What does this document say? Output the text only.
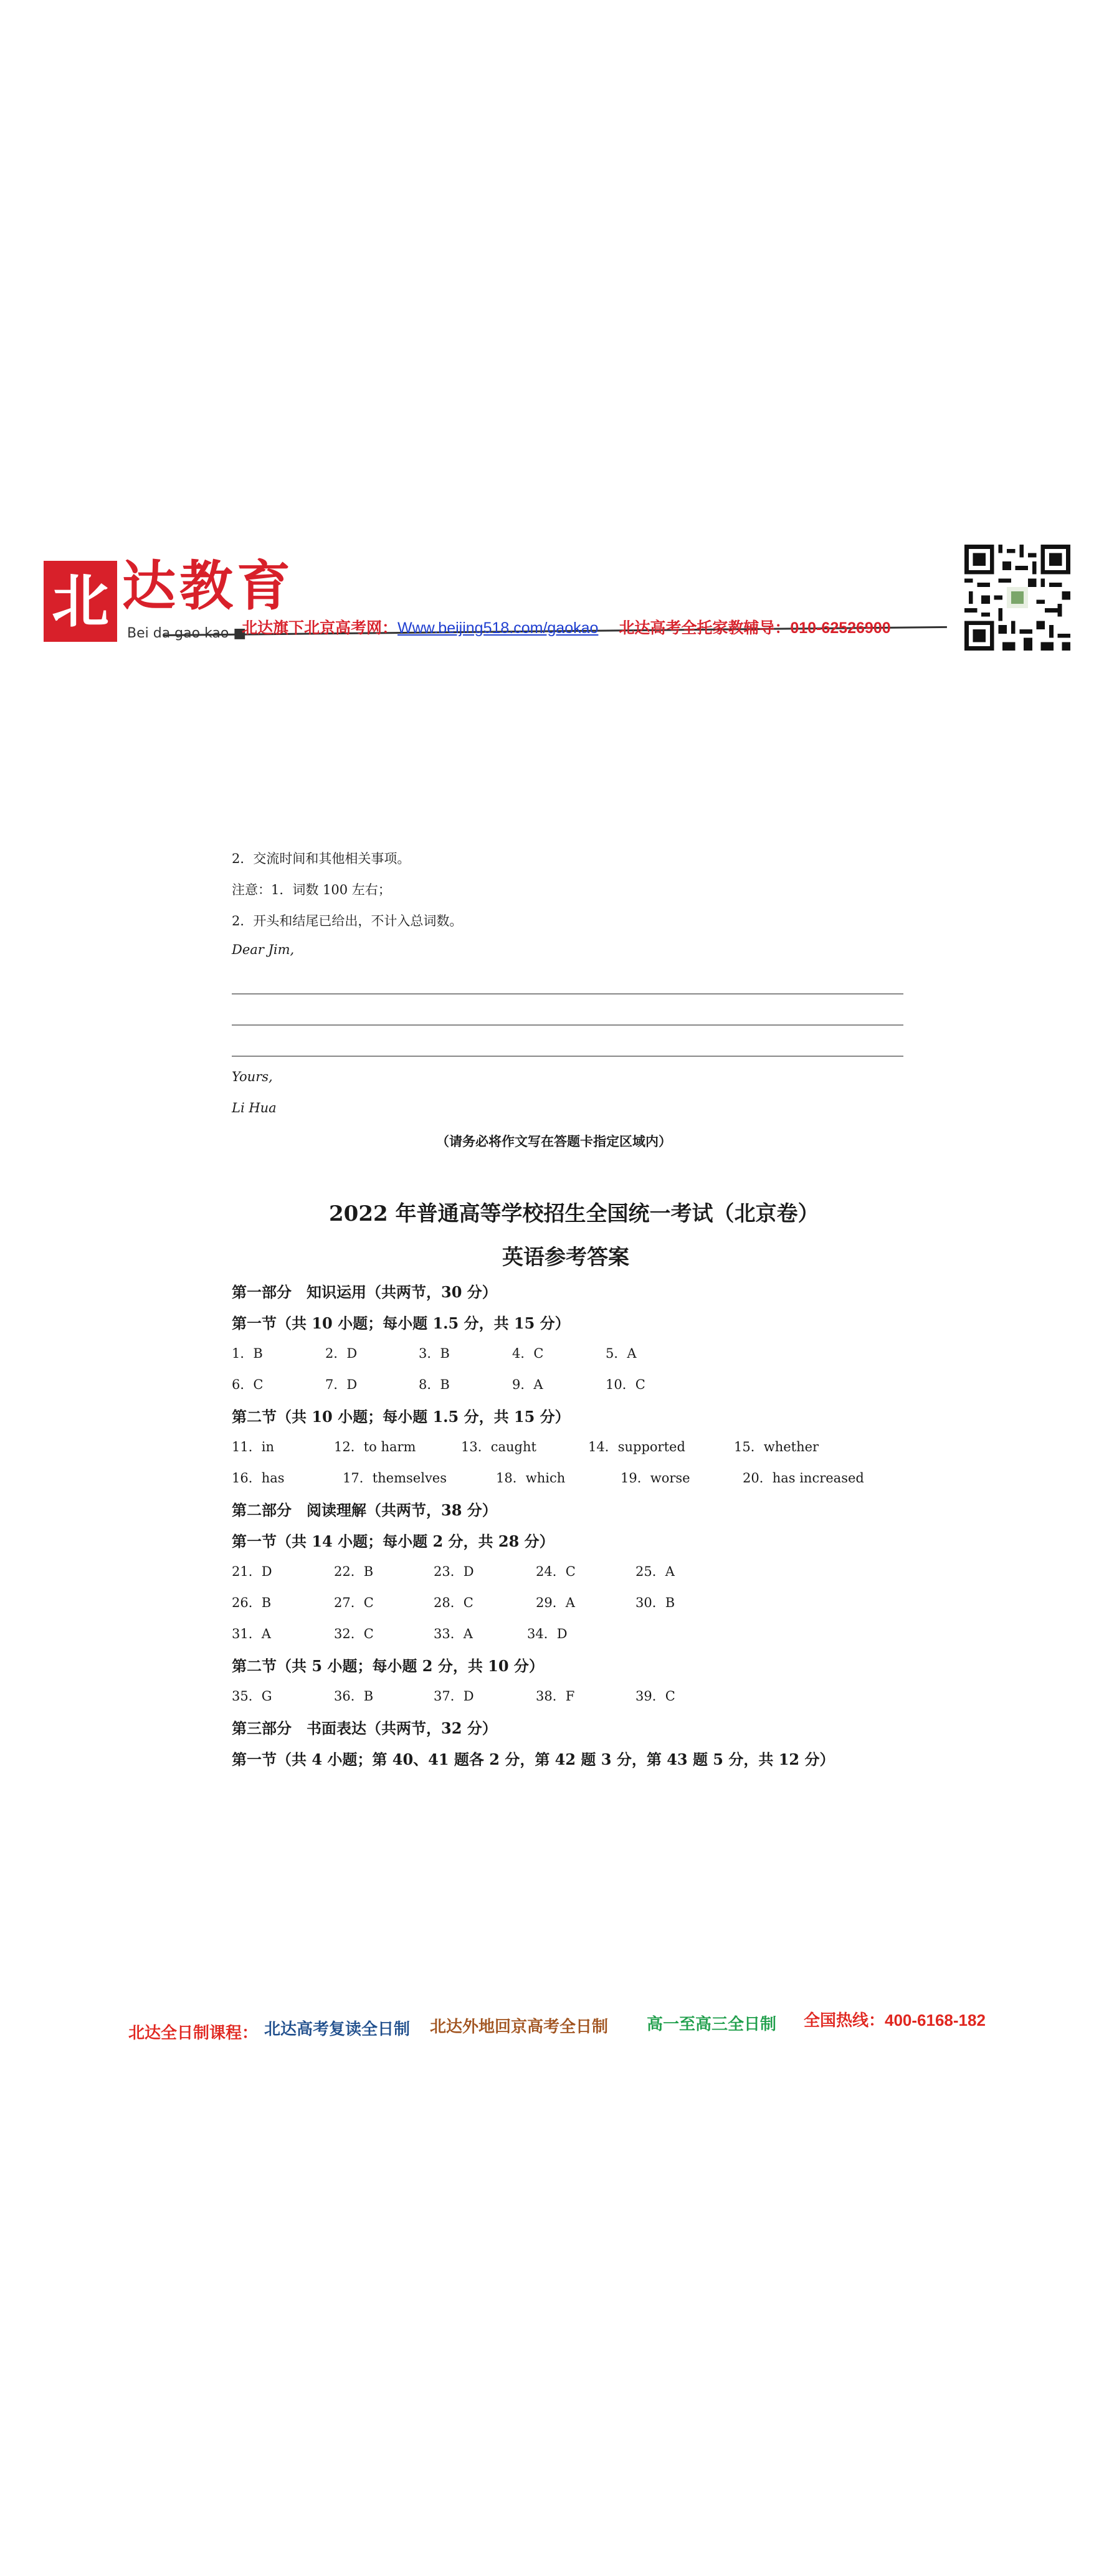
北 达教育
Bei da gao kao ■
北达旗下北京高考网：Www.beijing518.com/gaokao 北达高考全托家教辅导：010-62526900
2．交流时间和其他相关事项。
注意：1．词数 100 左右；
2．开头和结尾已给出，不计入总词数。
Dear Jim,
Yours,
Li Hua
（请务必将作文写在答题卡指定区域内）
2022 年普通高等学校招生全国统一考试（北京卷）
英语参考答案
第一部分　知识运用（共两节，30 分）
第一节（共 10 小题；每小题 1.5 分，共 15 分）
1．B	2．D	3．B	4．C	5．A
6．C	7．D	8．B	9．A	10．C
第二节（共 10 小题；每小题 1.5 分，共 15 分）
11．in	12．to harm	13．caught	14．supported	15．whether
16．has	17．themselves	18．which	19．worse	20．has increased
第二部分　阅读理解（共两节，38 分）
第一节（共 14 小题；每小题 2 分，共 28 分）
21．D	22．B	23．D	24．C	25．A
26．B	27．C	28．C	29．A	30．B
31．A	32．C	33．A	34．D
第二节（共 5 小题；每小题 2 分，共 10 分）
35．G	36．B	37．D	38．F	39．C
第三部分　书面表达（共两节，32 分）
第一节（共 4 小题；第 40、41 题各 2 分，第 42 题 3 分，第 43 题 5 分，共 12 分）
北达全日制课程： 北达高考复读全日制 北达外地回京高考全日制 高一至高三全日制 全国热线：400-6168-182
